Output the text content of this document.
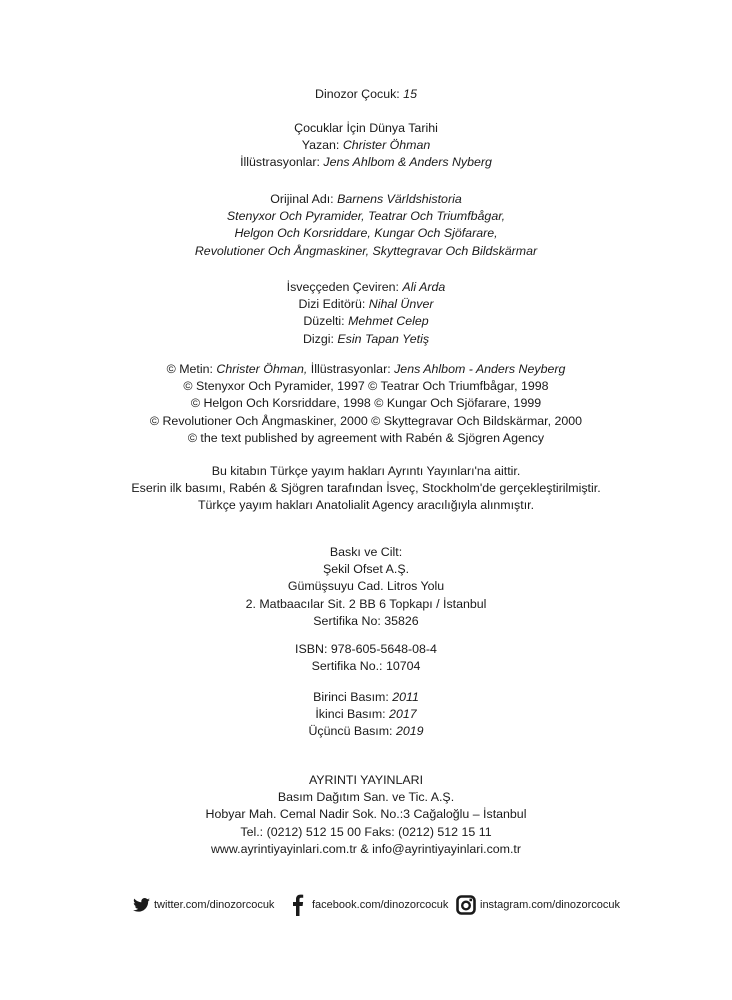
Dinozor Çocuk: 15
Çocuklar İçin Dünya Tarihi
Yazan: Christer Öhman
İllüstrasyonlar: Jens Ahlbom & Anders Nyberg
Orijinal Adı: Barnens Världshistoria
Stenyxor Och Pyramider, Teatrar Och Triumfbågar,
Helgon Och Korsriddare, Kungar Och Sjöfarare,
Revolutioner Och Ångmaskiner, Skyttegravar Och Bildskärmar
İsveççeden Çeviren: Ali Arda
Dizi Editörü: Nihal Ünver
Düzelti: Mehmet Celep
Dizgi: Esin Tapan Yetiş
© Metin: Christer Öhman, İllüstrasyonlar: Jens Ahlbom - Anders Neyberg
© Stenyxor Och Pyramider, 1997 © Teatrar Och Triumfbågar, 1998
© Helgon Och Korsriddare, 1998 © Kungar Och Sjöfarare, 1999
© Revolutioner Och Ångmaskiner, 2000 © Skyttegravar Och Bildskärmar, 2000
© the text published by agreement with Rabén & Sjögren Agency
Bu kitabın Türkçe yayım hakları Ayrıntı Yayınları'na aittir.
Eserin ilk basımı, Rabén & Sjögren tarafından İsveç, Stockholm'de gerçekleştirilmiştir.
Türkçe yayım hakları Anatolialit Agency aracılığıyla alınmıştır.
Baskı ve Cilt:
Şekil Ofset A.Ş.
Gümüşsuyu Cad. Litros Yolu
2. Matbaacılar Sit. 2 BB 6 Topkapı / İstanbul
Sertifika No: 35826
ISBN: 978-605-5648-08-4
Sertifika No.: 10704
Birinci Basım: 2011
İkinci Basım: 2017
Üçüncü Basım: 2019
AYRINTI YAYINLARI
Basım Dağıtım San. ve Tic. A.Ş.
Hobyar Mah. Cemal Nadir Sok. No.:3 Cağaloğlu – İstanbul
Tel.: (0212) 512 15 00 Faks: (0212) 512 15 11
www.ayrintiyayinlari.com.tr & info@ayrintiyayinlari.com.tr
twitter.com/dinozorcocuk	facebook.com/dinozorcocuk	instagram.com/dinozorcocuk
